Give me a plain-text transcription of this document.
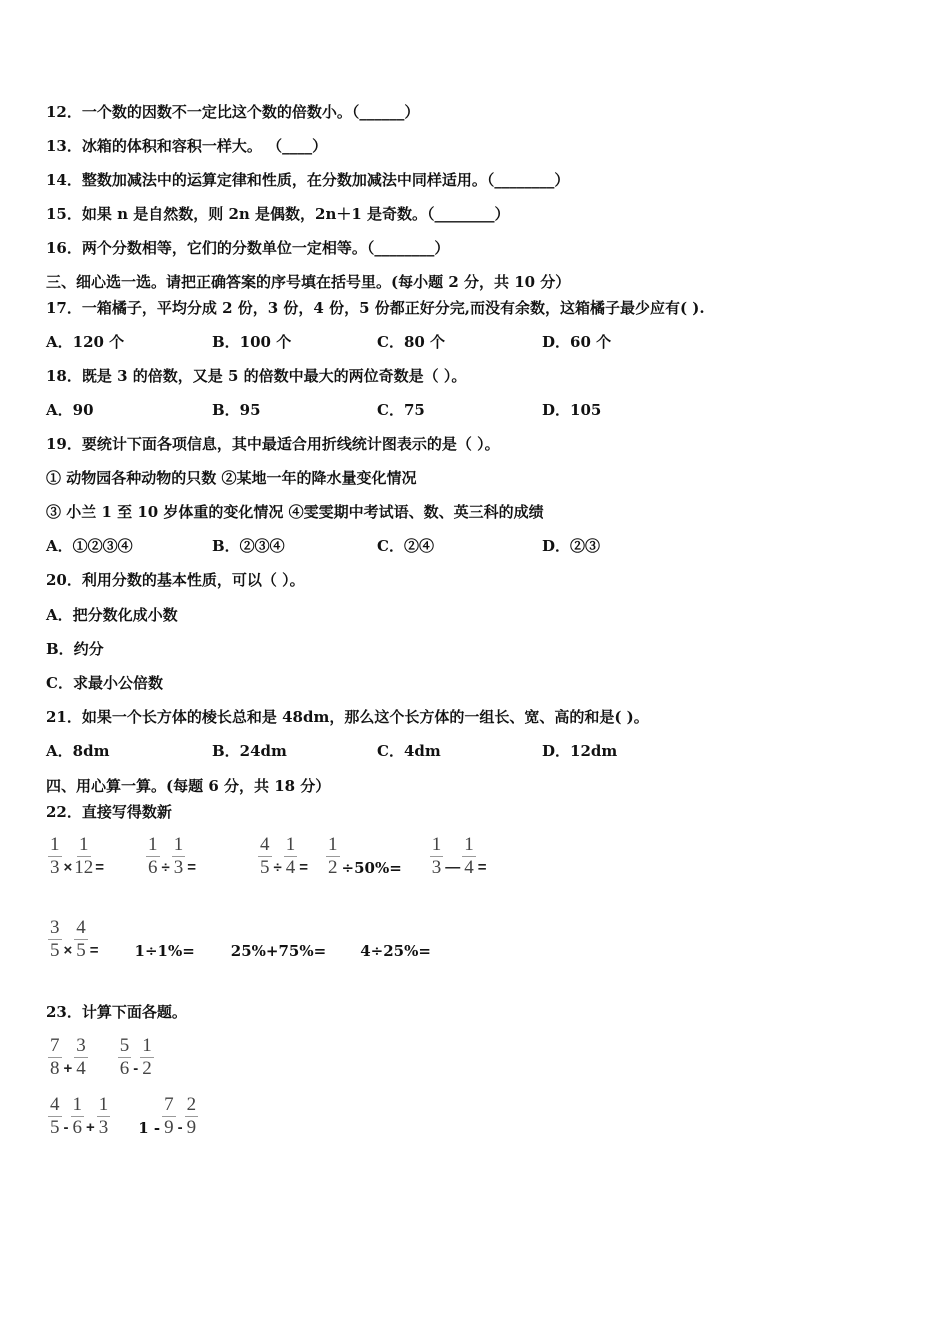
12．一个数的因数不一定比这个数的倍数小。（______）
13．冰箱的体积和容积一样大。 （____）
14．整数加减法中的运算定律和性质，在分数加减法中同样适用。（________）
15．如果 n 是自然数，则 2n 是偶数，2n＋1 是奇数。（________）
16．两个分数相等，它们的分数单位一定相等。（________）
三、细心选一选。请把正确答案的序号填在括号里。(每小题 2 分，共 10 分）
17．一箱橘子，平均分成 2 份，3 份，4 份，5 份都正好分完,而没有余数，这箱橘子最少应有( ).
A．120 个	B．100 个	C．80 个	D．60 个
18．既是 3 的倍数，又是 5 的倍数中最大的两位奇数是（ ）。
A．90	B．95	C．75	D．105
19．要统计下面各项信息，其中最适合用折线统计图表示的是（ ）。
① 动物园各种动物的只数 ②某地一年的降水量变化情况
③ 小兰 1 至 10 岁体重的变化情况 ④雯雯期中考试语、数、英三科的成绩
A．①②③④	B．②③④	C．②④	D．②③
20．利用分数的基本性质，可以（ ）。
A．把分数化成小数
B．约分
C．求最小公倍数
21．如果一个长方体的棱长总和是 48dm，那么这个长方体的一组长、宽、高的和是( )。
A．8dm	B．24dm	C．4dm	D．12dm
四、用心算一算。(每题 6 分，共 18 分）
22．直接写得数新
$\frac{1}{3} \times \frac{1}{12} = \frac{1}{6} \div \frac{1}{3}$ =	$\frac{4}{5} \div \frac{1}{4} = \frac{1}{2} \div 50\%= \frac{1}{3}$ — $\frac{1}{4}$ =
$\frac{3}{5} \times \frac{4}{5} = 1\div 1\%= 25\%+75\%= 4\div 25\%=$
23．计算下面各题。
$\frac{7}{8} + \frac{3}{4} \frac{5}{6} - \frac{1}{2}$
$\frac{4}{5} - \frac{1}{6} + \frac{1}{3} 1 - \frac{7}{9} - \frac{2}{9}$
